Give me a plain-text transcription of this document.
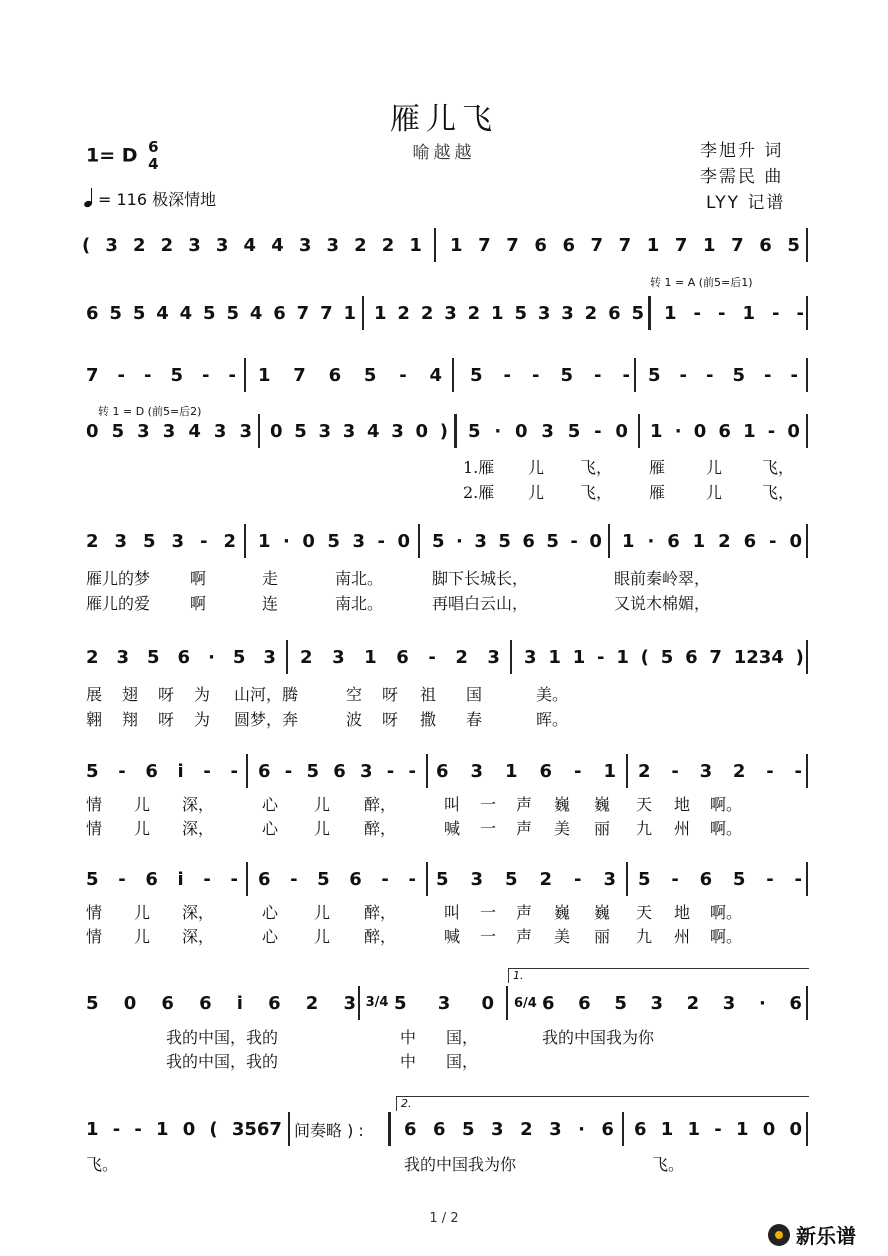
雁儿飞
喻越越
1= D 6
4
李旭升 词
李需民 曲
LYY 记谱
= 116 极深情地
( 3 2 2 3 3 4 4 3 3 2 2 1 1 7 7 6 6 7 7 1 7 1 7 6 5
转 1 = A (前5=后1)
6 5 5 4 4 5 5 4 6 7 7 1 1 2 2 3 2 1 5 3 3 2 6 5 1 - - 1 - -
7 - - 5 - - 1 7 6 5 - 4 5 - - 5 - - 5 - - 5 - -
转 1 = D (前5=后2)
0 5 3 3 4 3 3 0 5 3 3 4 3 0 ) 5 · 0 3 5 - 0 1 · 0 6 1 - 0
1.雁 儿 飞， 雁	儿 飞，
2.雁 儿 飞， 雁	儿 飞，
2 3 5 3 - 2 1 · 0 5 3 - 0 5 · 3 5 6 5 - 0 1 · 6 1 2 6 - 0
雁儿的梦 啊	走	南北。	脚下长城长，	眼前秦岭翠，
雁儿的爱 啊	连	南北。	再唱白云山，	又说木棉媚，
2 3 5 6 · 5 3 2 3 1 6 - 2 3 3 1 1 - 1 ( 5 6 7 1234 )
展 翅 呀 为 山河，腾	空 呀 祖 国	美。
翱 翔 呀 为 圆梦，奔	波 呀 撒 春	晖。
5 - 6 i - - 6 - 5 6 3 - - 6 3 1 6 - 1 2 - 3 2 - -
情 儿 深，	心 儿 醉，	叫 一 声 巍 巍 天 地 啊。
情 儿 深，	心 儿 醉，	喊 一 声 美 丽 九 州 啊。
5 - 6 i - - 6 - 5 6 - - 5 3 5 2 - 3 5 - 6 5 - -
情 儿 深，	心 儿 醉，	叫 一 声 巍 巍 天 地 啊。
情 儿 深，	心 儿 醉，	喊 一 声 美 丽 九 州 啊。
1.
5 0 6 6 i 6 2 3 3/4 5 3 0 6/4 6 6 5 3 2 3 · 6
我的中国，我的	中 国，	我的中国我为你
我的中国，我的	中 国，
2.
1 - - 1 0 ( 3567 间奏略 ) :	6 6 5 3 2 3 · 6 6 1 1 - 1 0 0
飞。	我的中国我为你	飞。
1 / 2
新乐谱
